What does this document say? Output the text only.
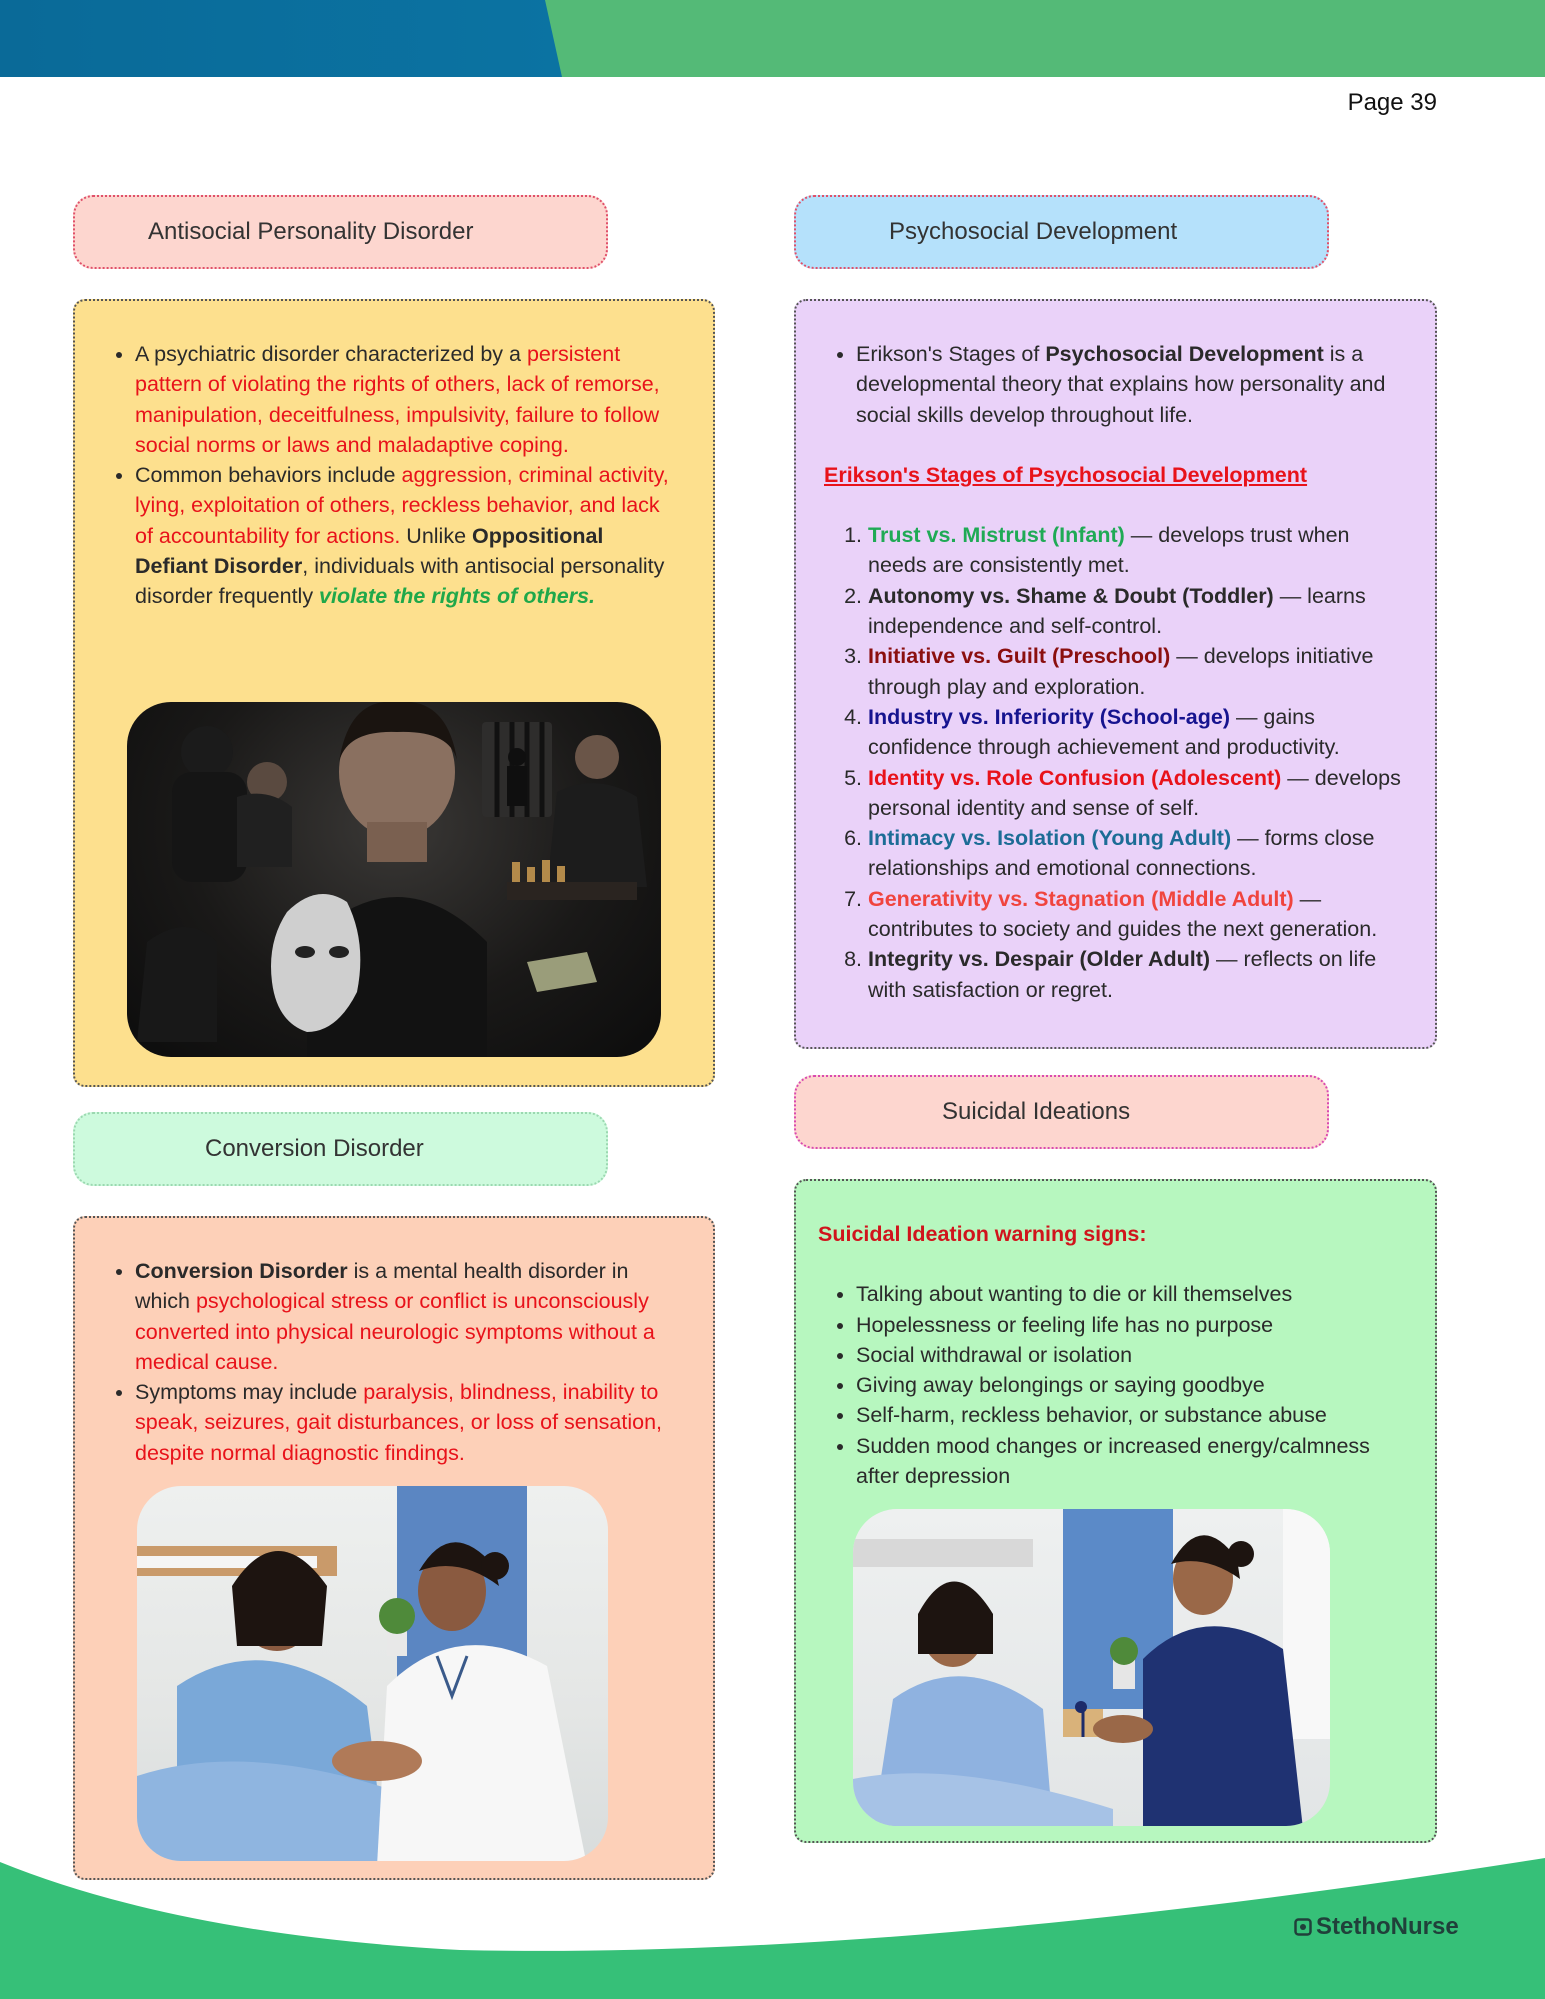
Page 39
Antisocial Personality Disorder
• A psychiatric disorder characterized by a persistent pattern of violating the rights of others, lack of remorse, manipulation, deceitfulness, impulsivity, failure to follow social norms or laws and maladaptive coping.
• Common behaviors include aggression, criminal activity, lying, exploitation of others, reckless behavior, and lack of accountability for actions. Unlike Oppositional Defiant Disorder, individuals with antisocial personality disorder frequently violate the rights of others.
Conversion Disorder
• Conversion Disorder is a mental health disorder in which psychological stress or conflict is unconsciously converted into physical neurologic symptoms without a medical cause.
• Symptoms may include paralysis, blindness, inability to speak, seizures, gait disturbances, or loss of sensation, despite normal diagnostic findings.
Psychosocial Development
• Erikson's Stages of Psychosocial Development is a developmental theory that explains how personality and social skills develop throughout life.
Erikson's Stages of Psychosocial Development
1. Trust vs. Mistrust (Infant) — develops trust when needs are consistently met.
2. Autonomy vs. Shame & Doubt (Toddler) — learns independence and self-control.
3. Initiative vs. Guilt (Preschool) — develops initiative through play and exploration.
4. Industry vs. Inferiority (School-age) — gains confidence through achievement and productivity.
5. Identity vs. Role Confusion (Adolescent) — develops personal identity and sense of self.
6. Intimacy vs. Isolation (Young Adult) — forms close relationships and emotional connections.
7. Generativity vs. Stagnation (Middle Adult) — contributes to society and guides the next generation.
8. Integrity vs. Despair (Older Adult) — reflects on life with satisfaction or regret.
Suicidal Ideations
Suicidal Ideation warning signs:
• Talking about wanting to die or kill themselves
• Hopelessness or feeling life has no purpose
• Social withdrawal or isolation
• Giving away belongings or saying goodbye
• Self-harm, reckless behavior, or substance abuse
• Sudden mood changes or increased energy/calmness after depression
StethoNurse
